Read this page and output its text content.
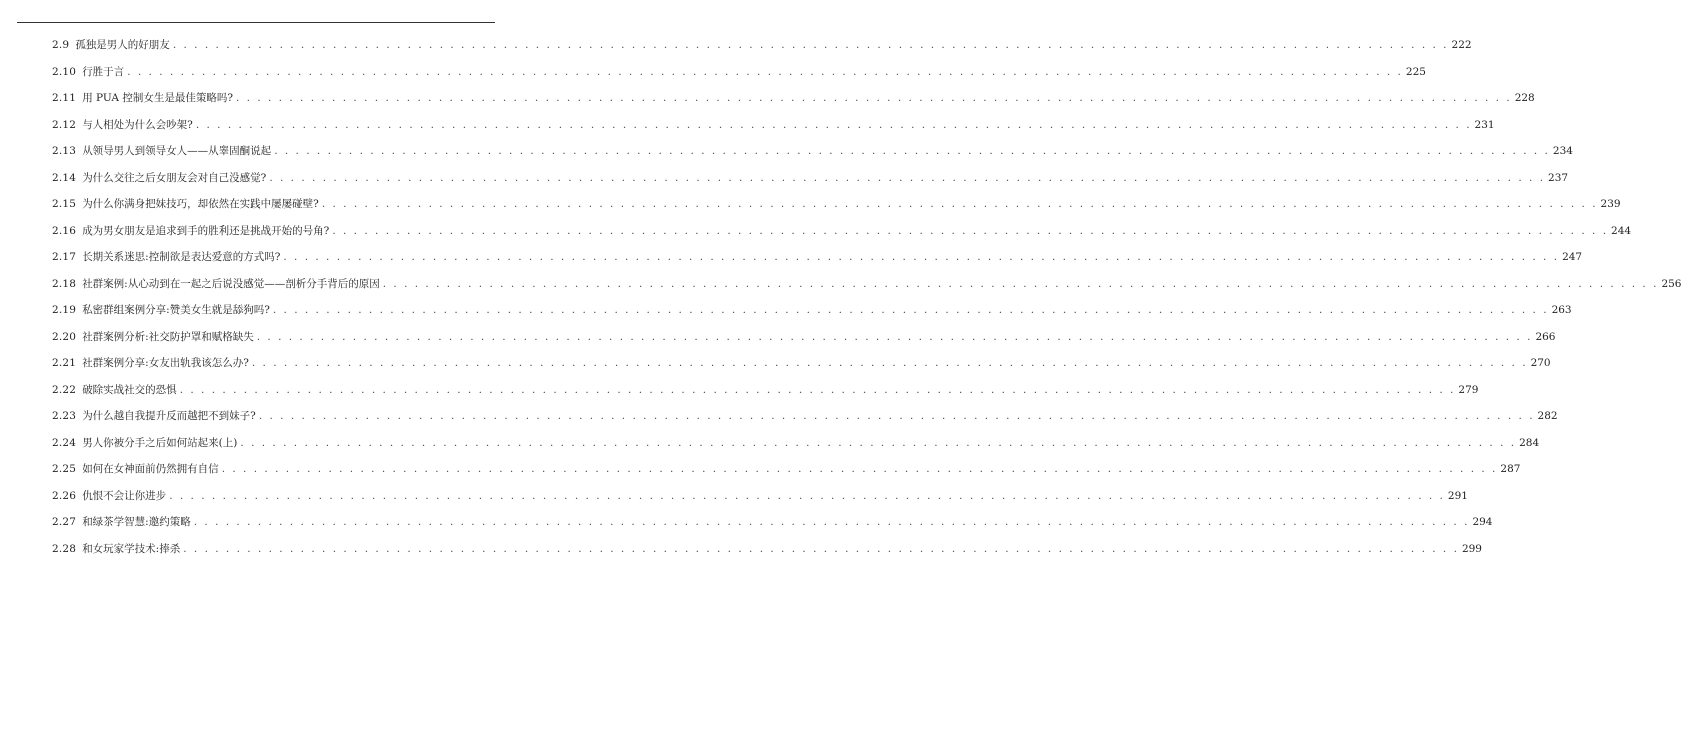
2.9 孤独是男人的好朋友 . . . . . . . . . . . . . . . . . . . . . . . . . . . . . . . . . . . . . . . . . . . . . . . . . . . . . . . . . . . . . . . . . . . . . . . . . . . . . . . . . . . . . . . . . . . . . . . . . . . . . . . . . . . . . . . . . . . . . . . . 222
2.10 行胜于言 . . . . . . . . . . . . . . . . . . . . . . . . . . . . . . . . . . . . . . . . . . . . . . . . . . . . . . . . . . . . . . . . . . . . . . . . . . . . . . . . . . . . . . . . . . . . . . . . . . . . . . . . . . . . . . . . . . . . . . . . 225
2.11 用 PUA 控制女生是最佳策略吗? . . . . . . . . . . . . . . . . . . . . . . . . . . . . . . . . . . . . . . . . . . . . . . . . . . . . . . . . . . . . . . . . . . . . . . . . . . . . . . . . . . . . . . . . . . . . . . . . . . . . . . . . . . . . . . . . . . . . . . . . 228
2.12 与人相处为什么会吵架? . . . . . . . . . . . . . . . . . . . . . . . . . . . . . . . . . . . . . . . . . . . . . . . . . . . . . . . . . . . . . . . . . . . . . . . . . . . . . . . . . . . . . . . . . . . . . . . . . . . . . . . . . . . . . . . . . . . . . . . . 231
2.13 从领导男人到领导女人——从睾固酮说起 . . . . . . . . . . . . . . . . . . . . . . . . . . . . . . . . . . . . . . . . . . . . . . . . . . . . . . . . . . . . . . . . . . . . . . . . . . . . . . . . . . . . . . . . . . . . . . . . . . . . . . . . . . . . . . . . . . . . . . . . 234
2.14 为什么交往之后女朋友会对自己没感觉? . . . . . . . . . . . . . . . . . . . . . . . . . . . . . . . . . . . . . . . . . . . . . . . . . . . . . . . . . . . . . . . . . . . . . . . . . . . . . . . . . . . . . . . . . . . . . . . . . . . . . . . . . . . . . . . . . . . . . . . . 237
2.15 为什么你满身把妹技巧，却依然在实践中屡屡碰壁? . . . . . . . . . . . . . . . . . . . . . . . . . . . . . . . . . . . . . . . . . . . . . . . . . . . . . . . . . . . . . . . . . . . . . . . . . . . . . . . . . . . . . . . . . . . . . . . . . . . . . . . . . . . . . . . . . . . . . . . . 239
2.16 成为男女朋友是追求到手的胜利还是挑战开始的号角? . . . . . . . . . . . . . . . . . . . . . . . . . . . . . . . . . . . . . . . . . . . . . . . . . . . . . . . . . . . . . . . . . . . . . . . . . . . . . . . . . . . . . . . . . . . . . . . . . . . . . . . . . . . . . . . . . . . . . . . . 244
2.17 长期关系迷思:控制欲是表达爱意的方式吗? . . . . . . . . . . . . . . . . . . . . . . . . . . . . . . . . . . . . . . . . . . . . . . . . . . . . . . . . . . . . . . . . . . . . . . . . . . . . . . . . . . . . . . . . . . . . . . . . . . . . . . . . . . . . . . . . . . . . . . . . 247
2.18 社群案例:从心动到在一起之后说没感觉——剖析分手背后的原因 . . . . . . . . . . . . . . . . . . . . . . . . . . . . . . . . . . . . . . . . . . . . . . . . . . . . . . . . . . . . . . . . . . . . . . . . . . . . . . . . . . . . . . . . . . . . . . . . . . . . . . . . . . . . . . . . . . . . . . . . 256
2.19 私密群组案例分享:赞美女生就是舔狗吗? . . . . . . . . . . . . . . . . . . . . . . . . . . . . . . . . . . . . . . . . . . . . . . . . . . . . . . . . . . . . . . . . . . . . . . . . . . . . . . . . . . . . . . . . . . . . . . . . . . . . . . . . . . . . . . . . . . . . . . . . 263
2.20 社群案例分析:社交防护罩和赋格缺失 . . . . . . . . . . . . . . . . . . . . . . . . . . . . . . . . . . . . . . . . . . . . . . . . . . . . . . . . . . . . . . . . . . . . . . . . . . . . . . . . . . . . . . . . . . . . . . . . . . . . . . . . . . . . . . . . . . . . . . . . 266
2.21 社群案例分享:女友出轨我该怎么办? . . . . . . . . . . . . . . . . . . . . . . . . . . . . . . . . . . . . . . . . . . . . . . . . . . . . . . . . . . . . . . . . . . . . . . . . . . . . . . . . . . . . . . . . . . . . . . . . . . . . . . . . . . . . . . . . . . . . . . . . 270
2.22 破除实战社交的恐惧 . . . . . . . . . . . . . . . . . . . . . . . . . . . . . . . . . . . . . . . . . . . . . . . . . . . . . . . . . . . . . . . . . . . . . . . . . . . . . . . . . . . . . . . . . . . . . . . . . . . . . . . . . . . . . . . . . . . . . . . . 279
2.23 为什么越自我提升反而越把不到妹子? . . . . . . . . . . . . . . . . . . . . . . . . . . . . . . . . . . . . . . . . . . . . . . . . . . . . . . . . . . . . . . . . . . . . . . . . . . . . . . . . . . . . . . . . . . . . . . . . . . . . . . . . . . . . . . . . . . . . . . . . 282
2.24 男人你被分手之后如何站起来(上) . . . . . . . . . . . . . . . . . . . . . . . . . . . . . . . . . . . . . . . . . . . . . . . . . . . . . . . . . . . . . . . . . . . . . . . . . . . . . . . . . . . . . . . . . . . . . . . . . . . . . . . . . . . . . . . . . . . . . . . . 284
2.25 如何在女神面前仍然拥有自信 . . . . . . . . . . . . . . . . . . . . . . . . . . . . . . . . . . . . . . . . . . . . . . . . . . . . . . . . . . . . . . . . . . . . . . . . . . . . . . . . . . . . . . . . . . . . . . . . . . . . . . . . . . . . . . . . . . . . . . . . 287
2.26 仇恨不会让你进步 . . . . . . . . . . . . . . . . . . . . . . . . . . . . . . . . . . . . . . . . . . . . . . . . . . . . . . . . . . . . . . . . . . . . . . . . . . . . . . . . . . . . . . . . . . . . . . . . . . . . . . . . . . . . . . . . . . . . . . . . 291
2.27 和绿茶学智慧:邀约策略 . . . . . . . . . . . . . . . . . . . . . . . . . . . . . . . . . . . . . . . . . . . . . . . . . . . . . . . . . . . . . . . . . . . . . . . . . . . . . . . . . . . . . . . . . . . . . . . . . . . . . . . . . . . . . . . . . . . . . . . . 294
2.28 和女玩家学技术:捧杀 . . . . . . . . . . . . . . . . . . . . . . . . . . . . . . . . . . . . . . . . . . . . . . . . . . . . . . . . . . . . . . . . . . . . . . . . . . . . . . . . . . . . . . . . . . . . . . . . . . . . . . . . . . . . . . . . . . . . . . . . 299
